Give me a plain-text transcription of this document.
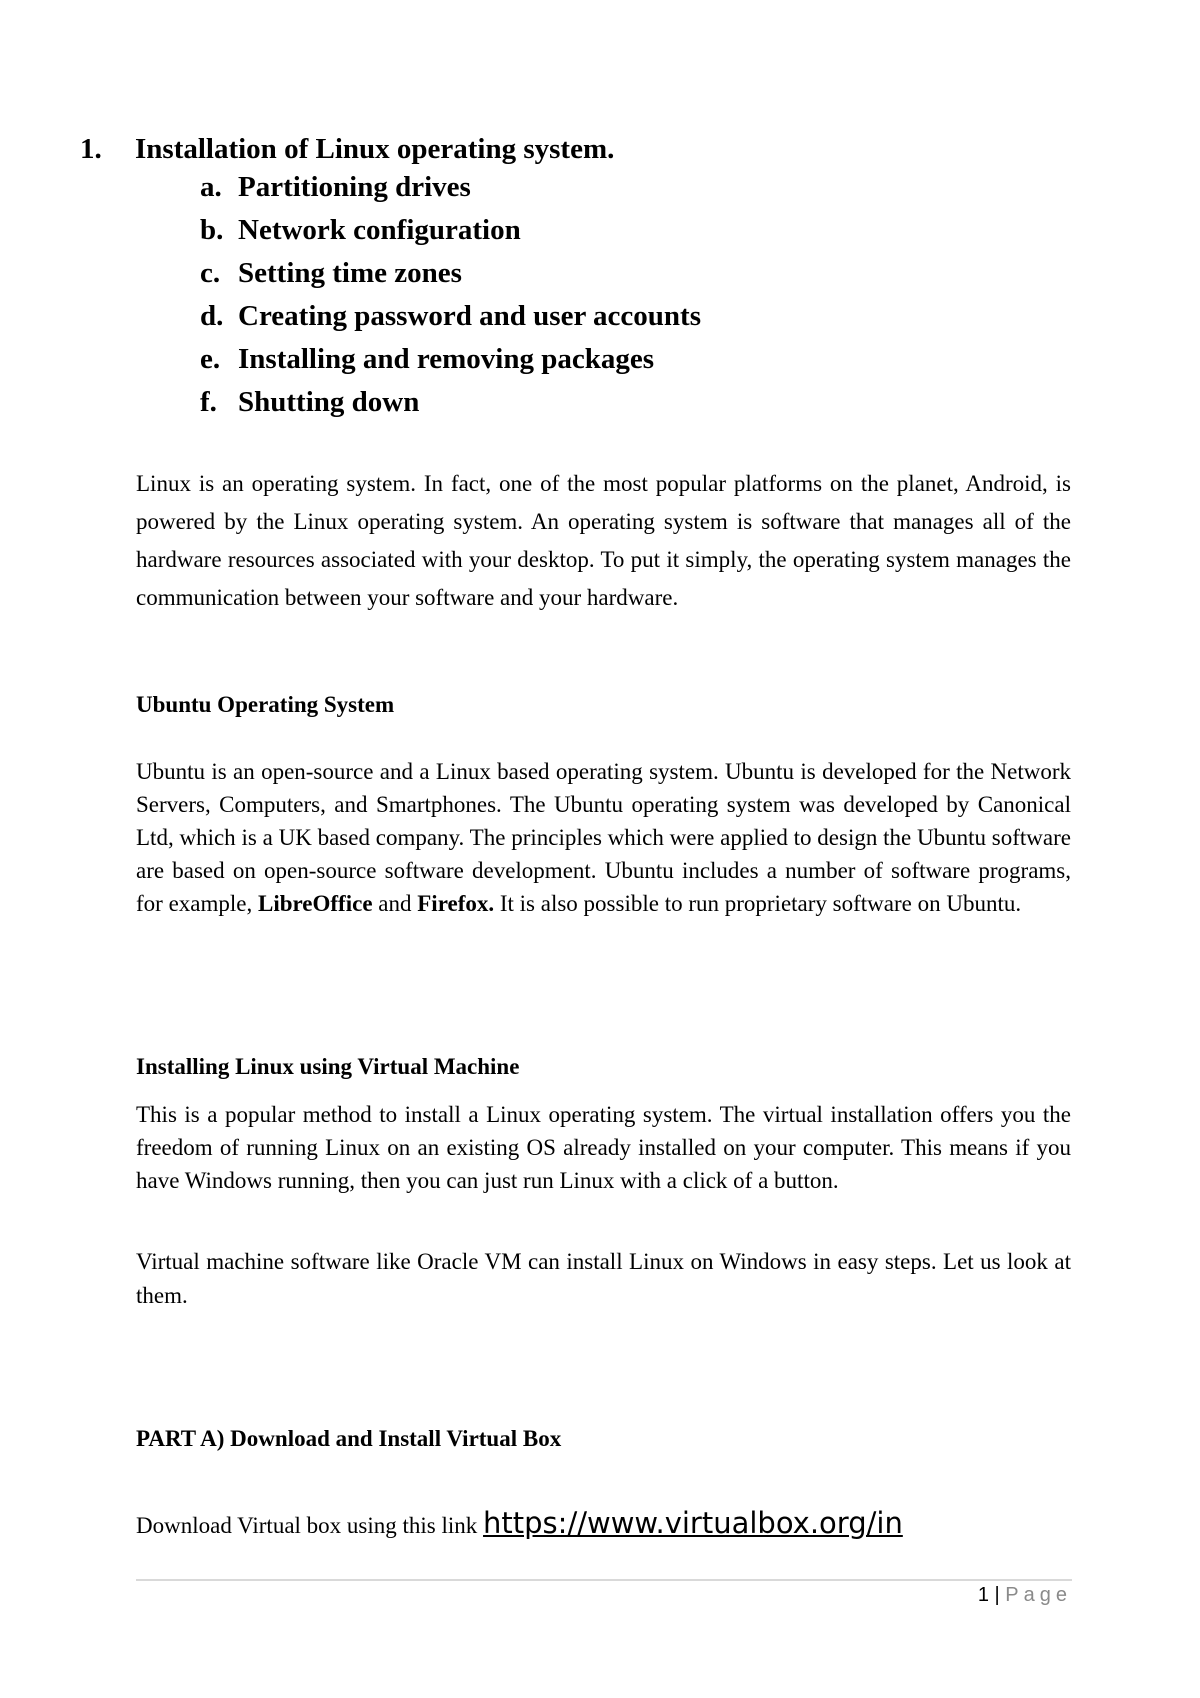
1. Installation of Linux operating system.
a. Partitioning drives
b. Network configuration
c. Setting time zones
d. Creating password and user accounts
e. Installing and removing packages
f. Shutting down
Linux is an operating system. In fact, one of the most popular platforms on the planet, Android, is powered by the Linux operating system. An operating system is software that manages all of the hardware resources associated with your desktop. To put it simply, the operating system manages the communication between your software and your hardware.
Ubuntu Operating System
Ubuntu is an open-source and a Linux based operating system. Ubuntu is developed for the Network Servers, Computers, and Smartphones. The Ubuntu operating system was developed by Canonical Ltd, which is a UK based company. The principles which were applied to design the Ubuntu software are based on open-source software development. Ubuntu includes a number of software programs, for example, LibreOffice and Firefox. It is also possible to run proprietary software on Ubuntu.
Installing Linux using Virtual Machine
This is a popular method to install a Linux operating system. The virtual installation offers you the freedom of running Linux on an existing OS already installed on your computer. This means if you have Windows running, then you can just run Linux with a click of a button.
Virtual machine software like Oracle VM can install Linux on Windows in easy steps. Let us look at them.
PART A) Download and Install Virtual Box
Download Virtual box using this link https://www.virtualbox.org/in
1 | Page
